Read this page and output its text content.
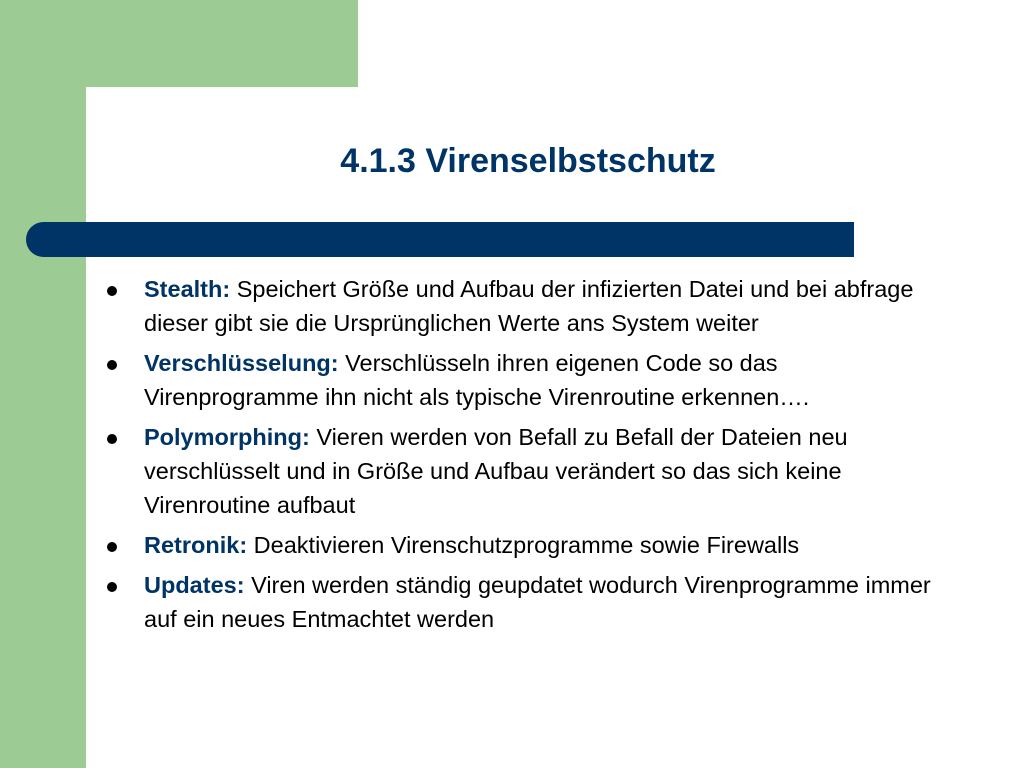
4.1.3 Virenselbstschutz
Stealth: Speichert Größe und Aufbau der infizierten Datei und bei abfrage dieser gibt sie die Ursprünglichen Werte ans System weiter
Verschlüsselung: Verschlüsseln ihren eigenen Code so das Virenprogramme ihn nicht als typische Virenroutine erkennen….
Polymorphing: Vieren werden von Befall zu Befall der Dateien neu verschlüsselt und in Größe und Aufbau verändert so das sich keine Virenroutine aufbaut
Retronik: Deaktivieren Virenschutzprogramme sowie Firewalls
Updates: Viren werden ständig geupdatet wodurch Virenprogramme immer auf ein neues Entmachtet werden
